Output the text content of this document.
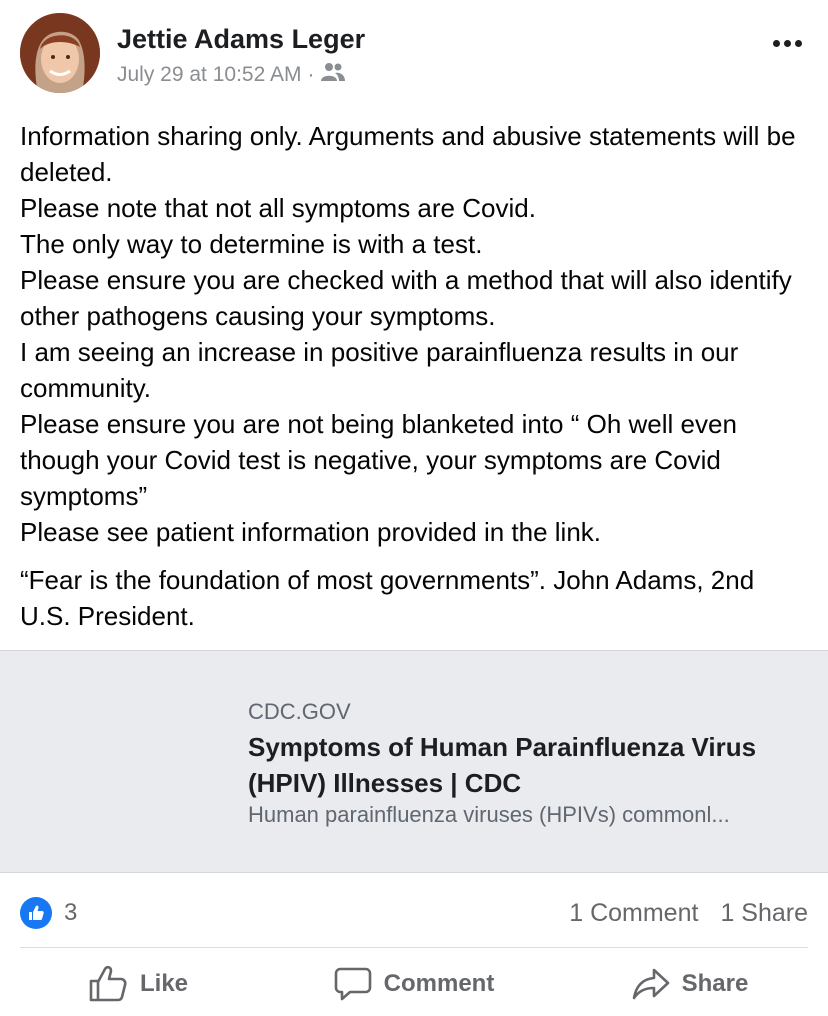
Jettie Adams Leger
July 29 at 10:52 AM ·

Information sharing only. Arguments and abusive statements will be deleted.
Please note that not all symptoms are Covid.
The only way to determine is with a test.
Please ensure you are checked with a method that will also identify other pathogens causing your symptoms.
I am seeing an increase in positive parainfluenza results in our community.
Please ensure you are not being blanketed into “ Oh well even though your Covid test is negative, your symptoms are Covid symptoms”
Please see patient information provided in the link.

“Fear is the foundation of most governments”. John Adams, 2nd U.S. President.

CDC.GOV
Symptoms of Human Parainfluenza Virus (HPIV) Illnesses | CDC
Human parainfluenza viruses (HPIVs) commonl...
3	1 Comment 1 Share
Like	Comment	Share
